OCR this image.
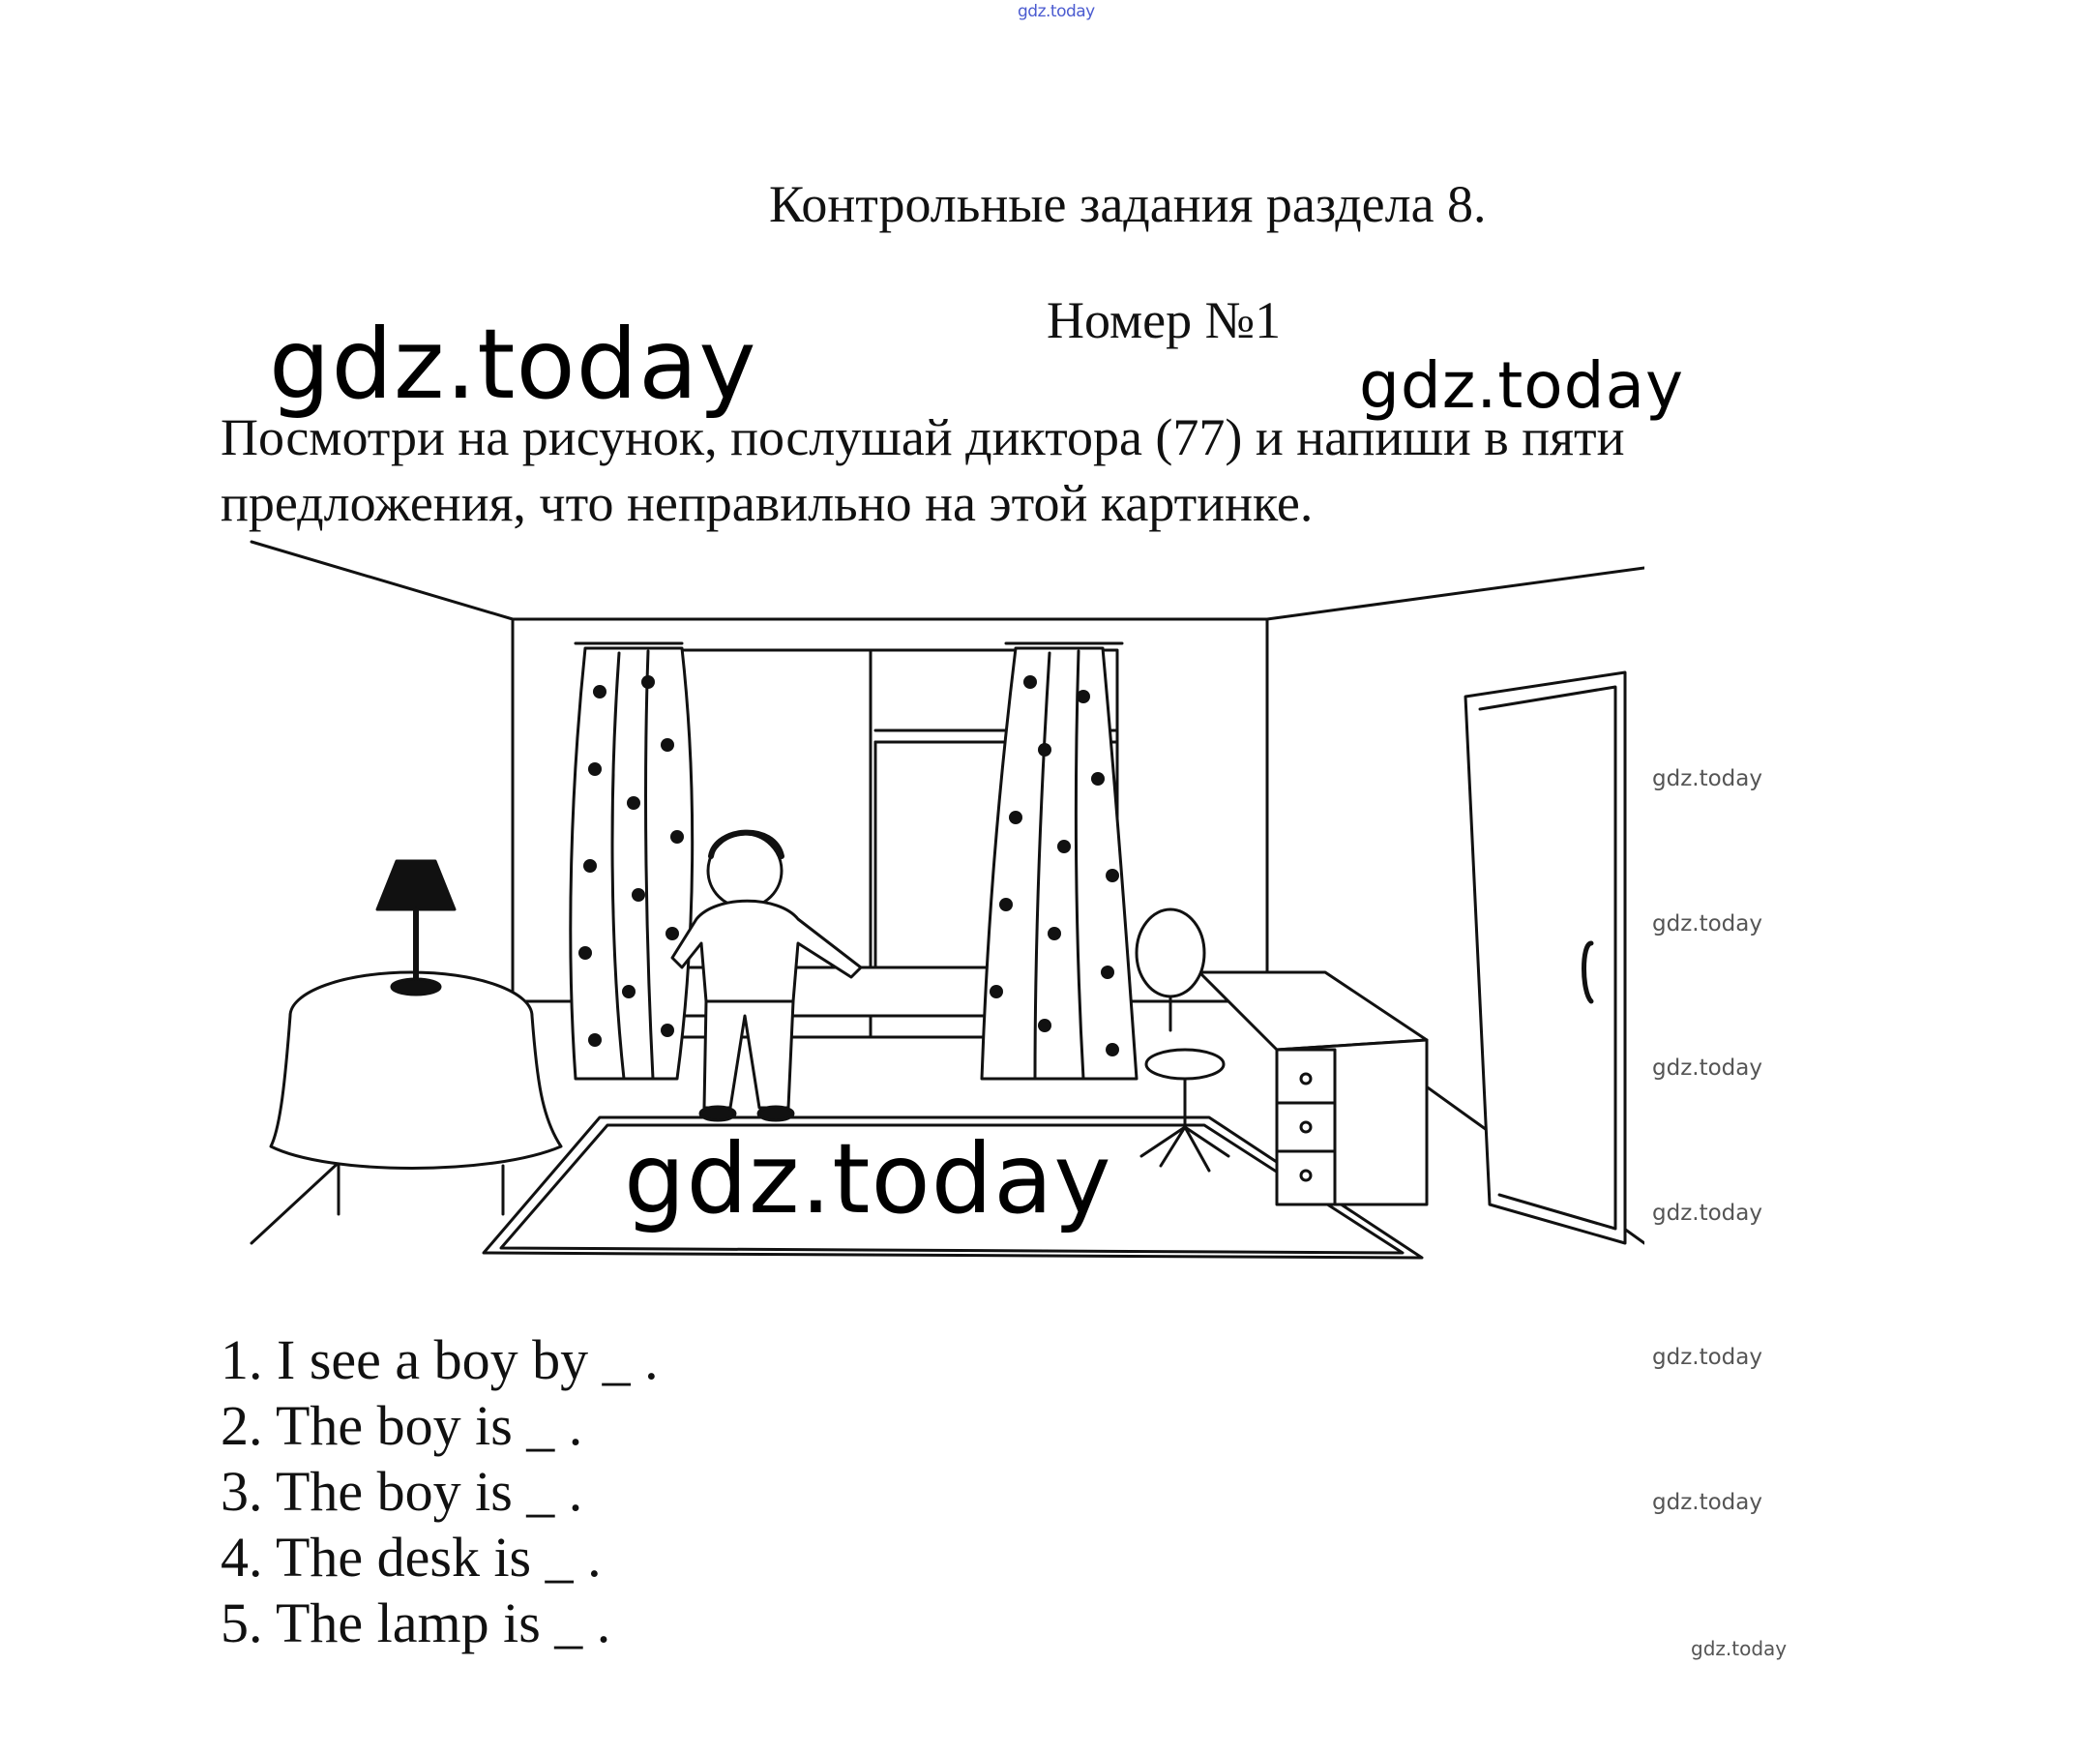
gdz.today
Контрольные задания раздела 8.
Номер №1
Посмотри на рисунок, послушай диктора (77) и напиши в пяти предложения, что неправильно на этой картинке.
gdz.today	gdz.today
gdz.today
gdz.today
gdz.today
gdz.today
gdz.today
gdz.today
gdz.today
gdz.today
1. I see a boy by _ .
2. The boy is _ .
3. The boy is _ .
4. The desk is _ .
5. The lamp is _ .
